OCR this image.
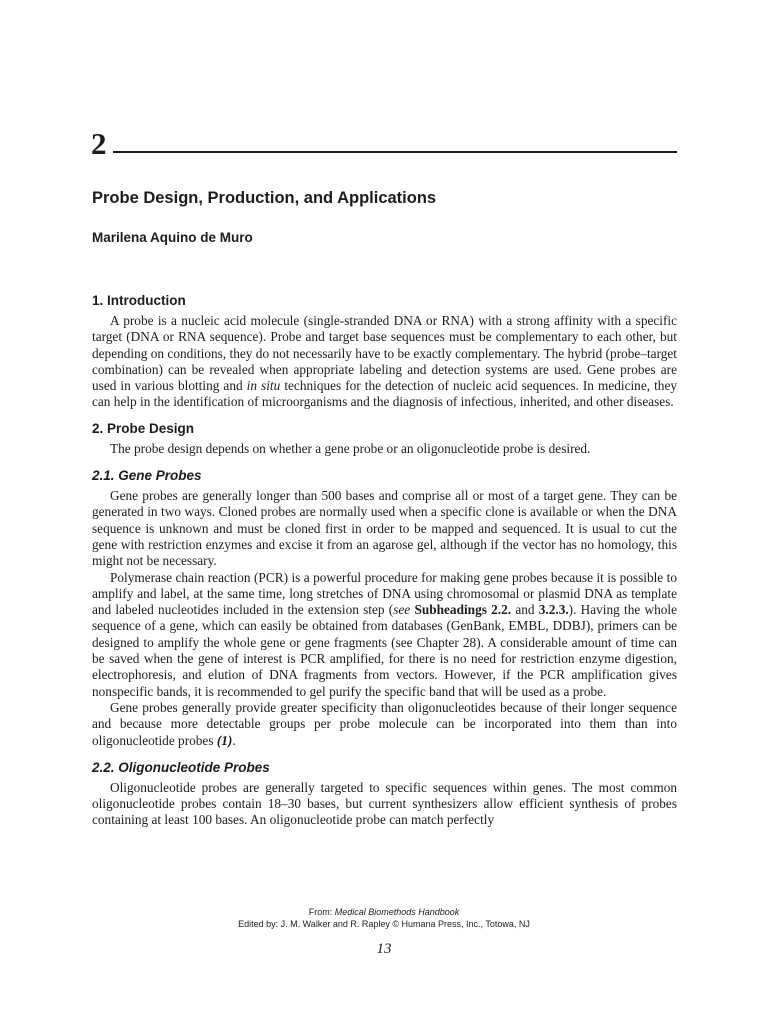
2
Probe Design, Production, and Applications
Marilena Aquino de Muro
1. Introduction

A probe is a nucleic acid molecule (single-stranded DNA or RNA) with a strong affinity with a specific target (DNA or RNA sequence). Probe and target base sequences must be complementary to each other, but depending on conditions, they do not necessarily have to be exactly complementary. The hybrid (probe–target combination) can be revealed when appropriate labeling and detection systems are used. Gene probes are used in various blotting and in situ techniques for the detection of nucleic acid sequences. In medicine, they can help in the identification of microorganisms and the diagnosis of infectious, inherited, and other diseases.

2. Probe Design

The probe design depends on whether a gene probe or an oligonucleotide probe is desired.

2.1. Gene Probes

Gene probes are generally longer than 500 bases and comprise all or most of a target gene. They can be generated in two ways. Cloned probes are normally used when a specific clone is available or when the DNA sequence is unknown and must be cloned first in order to be mapped and sequenced. It is usual to cut the gene with restriction enzymes and excise it from an agarose gel, although if the vector has no homology, this might not be necessary.

Polymerase chain reaction (PCR) is a powerful procedure for making gene probes because it is possible to amplify and label, at the same time, long stretches of DNA using chromosomal or plasmid DNA as template and labeled nucleotides included in the extension step (see Subheadings 2.2. and 3.2.3.). Having the whole sequence of a gene, which can easily be obtained from databases (GenBank, EMBL, DDBJ), primers can be designed to amplify the whole gene or gene fragments (see Chapter 28). A considerable amount of time can be saved when the gene of interest is PCR amplified, for there is no need for restriction enzyme digestion, electrophoresis, and elution of DNA fragments from vectors. However, if the PCR amplification gives nonspecific bands, it is recommended to gel purify the specific band that will be used as a probe.

Gene probes generally provide greater specificity than oligonucleotides because of their longer sequence and because more detectable groups per probe molecule can be incorporated into them than into oligonucleotide probes (1).

2.2. Oligonucleotide Probes

Oligonucleotide probes are generally targeted to specific sequences within genes. The most common oligonucleotide probes contain 18–30 bases, but current synthesizers allow efficient synthesis of probes containing at least 100 bases. An oligonucleotide probe can match perfectly

From: Medical Biomethods Handbook
Edited by: J. M. Walker and R. Rapley © Humana Press, Inc., Totowa, NJ
13
